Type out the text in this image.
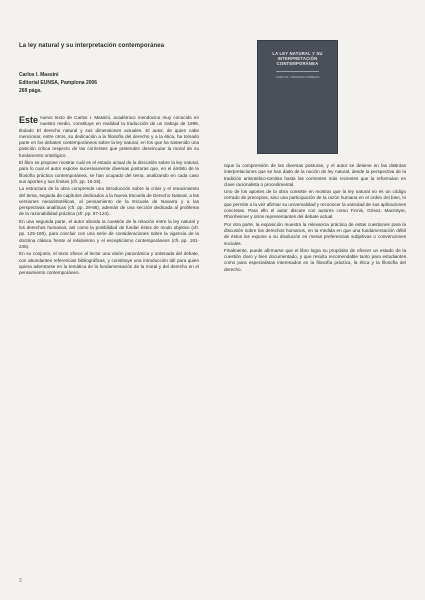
La ley natural y su interpretación contemporánea
Carlos I. Massini
Editorial EUNSA, Pamplona 2006
269 págs.
LA LEY NATURAL Y SU INTERPRETACIÓN CONTEMPORÁNEA
CARLOS I. MASSINI CORREAS
Este nuevo texto de Carlos I. Massini, académico mendocino muy conocido en nuestro medio, constituye en realidad la traducción de un trabajo de 1998, titulado El derecho natural y sus dimensiones actuales. El autor, de quien cabe mencionar, entre otros, su dedicación a la filosofía del derecho y a la ética, ha tomado parte en los debates contemporáneos sobre la ley natural, en los que ha sostenido una posición crítica respecto de las corrientes que pretenden desvincular la moral de su fundamento ontológico.

El libro se propone mostrar cuál es el estado actual de la discusión sobre la ley natural, para lo cual el autor expone sucesivamente diversas posturas que, en el ámbito de la filosofía práctica contemporánea, se han ocupado del tema, analizando en cada caso sus aportes y sus límites (cfr. pp. 15-28).

La estructura de la obra comprende una introducción sobre la crisis y el renacimiento del tema, seguida de capítulos dedicados a la Nueva Escuela de Derecho Natural, a las versiones neoaristotélicas, al pensamiento de la Escuela de Navarra y a las perspectivas analíticas (cfr. pp. 29-86), además de una sección dedicada al problema de la razonabilidad práctica (cfr. pp. 87-124).

En una segunda parte, el autor aborda la cuestión de la relación entre la ley natural y los derechos humanos, así como la posibilidad de fundar éstos de modo objetivo (cfr. pp. 125-180), para concluir con una serie de consideraciones sobre la vigencia de la doctrina clásica frente al relativismo y el escepticismo contemporáneos (cfr. pp. 181-245).

En su conjunto, el texto ofrece al lector una visión panorámica y ordenada del debate, con abundantes referencias bibliográficas, y constituye una introducción útil para quien quiera adentrarse en la temática de la fundamentación de la moral y del derecho en el pensamiento contemporáneo.

rique la comprensión de las diversas posturas, y el autor se detiene en las distintas interpretaciones que se han dado de la noción de ley natural, desde la perspectiva de la tradición aristotélico-tomista hasta las corrientes más recientes que la reformulan en clave racionalista o procedimental.

Uno de los aportes de la obra consiste en mostrar que la ley natural no es un código cerrado de preceptos, sino una participación de la razón humana en el orden del bien, lo que permite a la vez afirmar su universalidad y reconocer la variedad de sus aplicaciones concretas. Para ello el autor discute con autores como Finnis, Grisez, MacIntyre, Rhonheimer y otros representantes del debate actual.

Por otra parte, la exposición muestra la relevancia práctica de estas cuestiones para la discusión sobre los derechos humanos, en la medida en que una fundamentación débil de éstos los expone a su disolución en meras preferencias subjetivas o convenciones sociales.

Finalmente, puede afirmarse que el libro logra su propósito de ofrecer un estado de la cuestión claro y bien documentado, y que resulta recomendable tanto para estudiantes como para especialistas interesados en la filosofía práctica, la ética y la filosofía del derecho.

2
